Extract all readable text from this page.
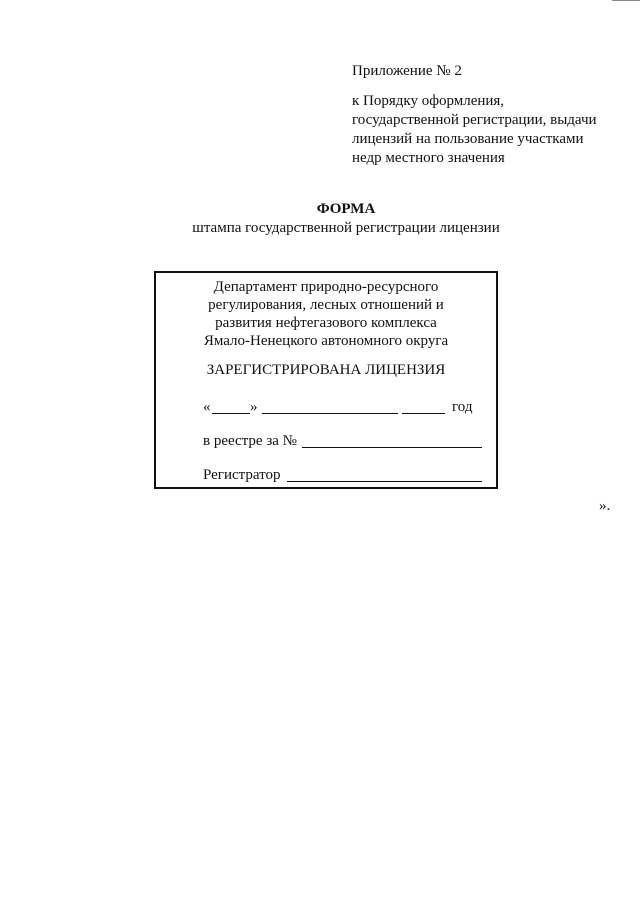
Приложение № 2
к Порядку оформления,
государственной регистрации, выдачи
лицензий на пользование участками
недр местного значения
ФОРМА
штампа государственной регистрации лицензии
Департамент природно-ресурсного
регулирования, лесных отношений и
развития нефтегазового комплекса
Ямало-Ненецкого автономного округа
ЗАРЕГИСТРИРОВАНА ЛИЦЕНЗИЯ
«	»	год
в реестре за №
Регистратор
».
